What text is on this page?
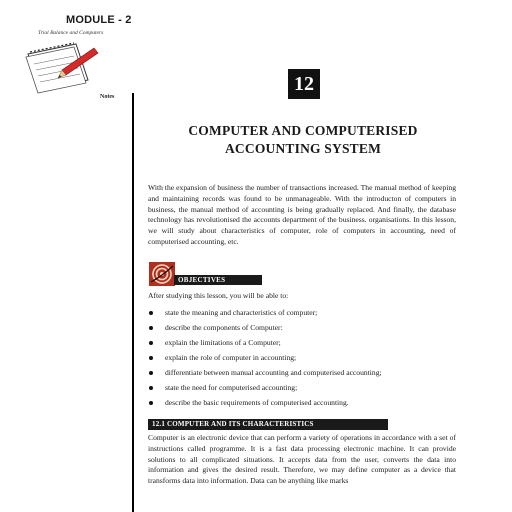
MODULE - 2
Trial Balance and Computers
Notes
12
COMPUTER AND COMPUTERISED
ACCOUNTING SYSTEM

With the expansion of business the number of transactions increased. The manual method of keeping and maintaining records was found to be unmanageable. With the introducton of computers in business, the manual method of accounting is being gradually replaced. And finally, the database technology has revolutionised the accounts department of the business. organisations. In this lesson, we will study about characteristics of computer, role of computers in accounting, need of computerised accounting, etc.

OBJECTIVES

After studying this lesson, you will be able to:

state the meaning and characteristics of computer;
describe the components of Computer:
explain the limitations of a Computer;
explain the role of computer in accounting;
differentiate between manual accounting and computerised accounting;
state the need for computerised accounting;
describe the basic requirements of computerised accounting.
12.1 COMPUTER AND ITS CHARACTERISTICS

Computer is an electronic device that can perform a variety of operations in accordance with a set of instructions called programme. It is a fast data processing electronic machine. It can provide solutions to all complicated situations. It accepts data from the user, converts the data into information and gives the desired result. Therefore, we may define computer as a device that transforms data into information. Data can be anything like marks
